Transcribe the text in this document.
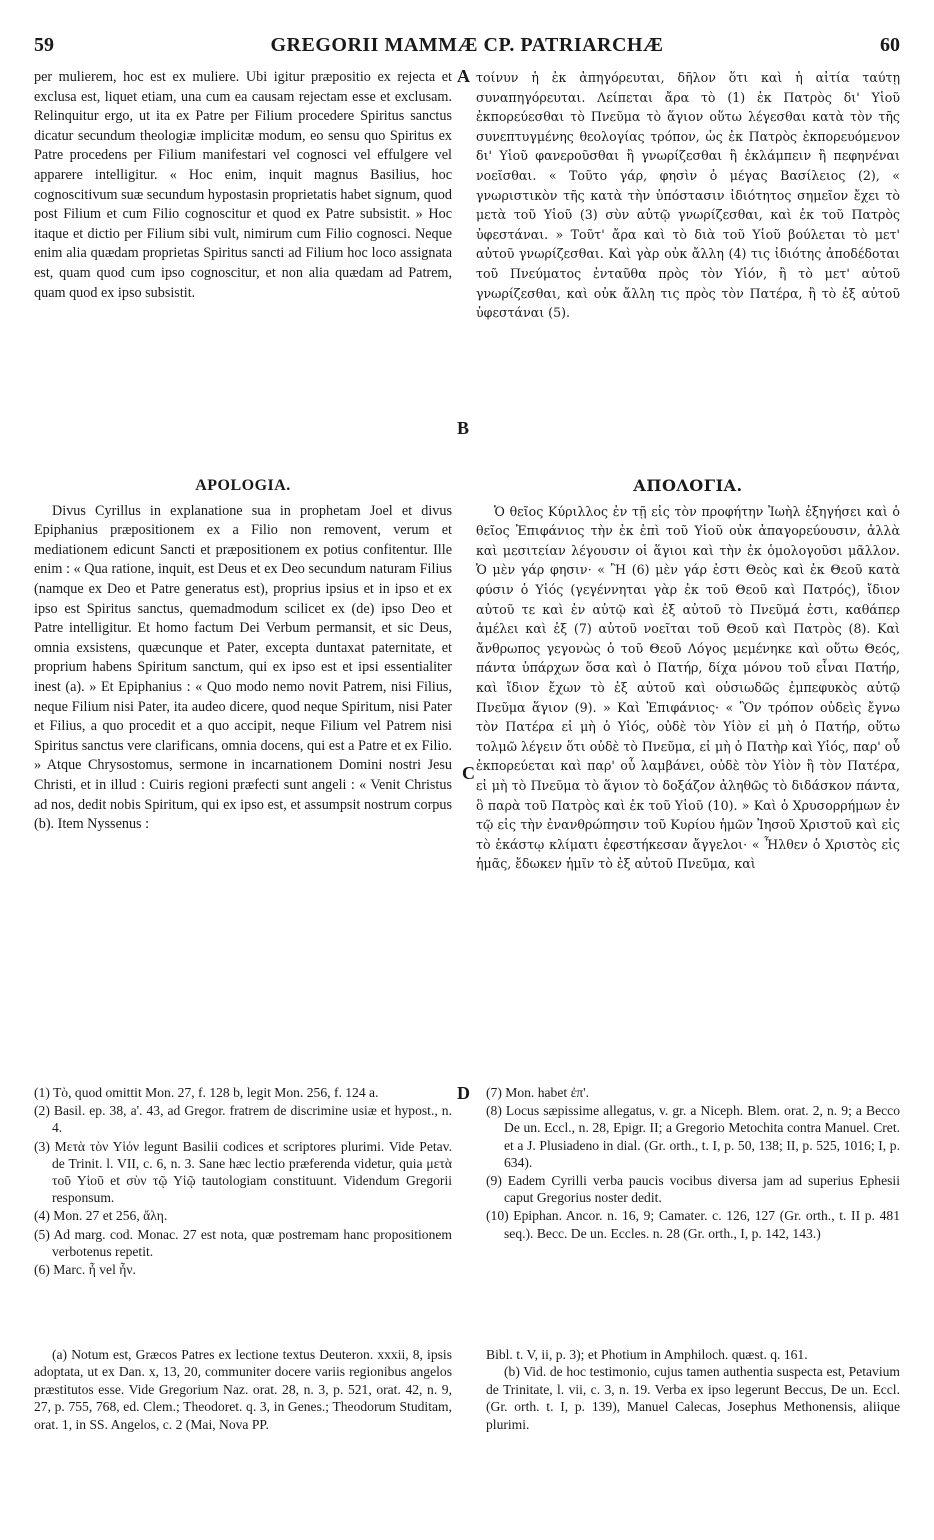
59	GREGORII MAMMÆ CP. PATRIARCHÆ	60

per mulierem, hoc est ex muliere. Ubi igitur præpositio ex rejecta et exclusa est, liquet etiam, una cum ea causam rejectam esse et exclusam. Relinquitur ergo, ut ita ex Patre per Filium procedere Spiritus sanctus dicatur secundum theologiæ implicitæ modum, eo sensu quo Spiritus ex Patre procedens per Filium manifestari vel cognosci vel effulgere vel apparere intelligitur. « Hoc enim, inquit magnus Basilius, hoc cognoscitivum suæ secundum hypostasin proprietatis habet signum, quod post Filium et cum Filio cognoscitur et quod ex Patre subsistit. » Hoc itaque et dictio per Filium sibi vult, nimirum cum Filio cognosci. Neque enim alia quædam proprietas Spiritus sancti ad Filium hoc loco assignata est, quam quod cum ipso cognoscitur, et non alia quædam ad Patrem, quam quod ex ipso subsistit.

τοίνυν ἡ ἐκ ἀπηγόρευται, δῆλον ὅτι καὶ ἡ αἰτία ταύτῃ συναπηγόρευται. Λείπεται ἄρα τὸ (1) ἐκ Πατρὸς δι' Υἱοῦ ἐκπορεύεσθαι τὸ Πνεῦμα τὸ ἅγιον οὕτω λέγεσθαι κατὰ τὸν τῆς συνεπτυγμένης θεολογίας τρόπον, ὡς ἐκ Πατρὸς ἐκπορευόμενον δι' Υἱοῦ φανεροῦσθαι ἢ γνωρίζεσθαι ἢ ἐκλάμπειν ἢ πεφηνέναι νοεῖσθαι. « Τοῦτο γάρ, φησὶν ὁ μέγας Βασίλειος (2), « γνωριστικὸν τῆς κατὰ τὴν ὑπόστασιν ἰδιότητος σημεῖον ἔχει τὸ μετὰ τοῦ Υἱοῦ (3) σὺν αὐτῷ γνωρίζεσθαι, καὶ ἐκ τοῦ Πατρὸς ὑφεστάναι. » Τοῦτ' ἄρα καὶ τὸ διὰ τοῦ Υἱοῦ βούλεται τὸ μετ' αὐτοῦ γνωρίζεσθαι. Καὶ γὰρ οὐκ ἄλλη (4) τις ἰδιότης ἀποδέδοται τοῦ Πνεύματος ἐνταῦθα πρὸς τὸν Υἱόν, ἢ τὸ μετ' αὐτοῦ γνωρίζεσθαι, καὶ οὐκ ἄλλη τις πρὸς τὸν Πατέρα, ἢ τὸ ἐξ αὐτοῦ ὑφεστάναι (5).

A
B
C
D
APOLOGIA.

Divus Cyrillus in explanatione sua in prophetam Joel et divus Epiphanius præpositionem ex a Filio non removent, verum et mediationem edicunt Sancti et præpositionem ex potius confitentur. Ille enim : « Qua ratione, inquit, est Deus et ex Deo secundum naturam Filius (namque ex Deo et Patre generatus est), proprius ipsius et in ipso et ex ipso est Spiritus sanctus, quemadmodum scilicet ex (de) ipso Deo et Patre intelligitur. Et homo factum Dei Verbum permansit, et sic Deus, omnia exsistens, quæcunque et Pater, excepta duntaxat paternitate, et proprium habens Spiritum sanctum, qui ex ipso est et ipsi essentialiter inest (a). » Et Epiphanius : « Quo modo nemo novit Patrem, nisi Filius, neque Filium nisi Pater, ita audeo dicere, quod neque Spiritum, nisi Pater et Filius, a quo procedit et a quo accipit, neque Filium vel Patrem nisi Spiritus sanctus vere clarificans, omnia docens, qui est a Patre et ex Filio. » Atque Chrysostomus, sermone in incarnationem Domini nostri Jesu Christi, et in illud : Cuiris regioni præfecti sunt angeli : « Venit Christus ad nos, dedit nobis Spiritum, qui ex ipso est, et assumpsit nostrum corpus (b). Item Nyssenus :

ΑΠΟΛΟΓΙΑ.

Ὁ θεῖος Κύριλλος ἐν τῇ εἰς τὸν προφήτην Ἰωὴλ ἐξηγήσει καὶ ὁ θεῖος Ἐπιφάνιος τὴν ἐκ ἐπὶ τοῦ Υἱοῦ οὐκ ἀπαγορεύουσιν, ἀλλὰ καὶ μεσιτείαν λέγουσιν οἱ ἅγιοι καὶ τὴν ἐκ ὁμολογοῦσι μᾶλλον. Ὁ μὲν γάρ φησιν· « Ἢ (6) μὲν γάρ ἐστι Θεὸς καὶ ἐκ Θεοῦ κατὰ φύσιν ὁ Υἱός (γεγέννηται γὰρ ἐκ τοῦ Θεοῦ καὶ Πατρός), ἴδιον αὐτοῦ τε καὶ ἐν αὐτῷ καὶ ἐξ αὐτοῦ τὸ Πνεῦμά ἐστι, καθάπερ ἀμέλει καὶ ἐξ (7) αὐτοῦ νοεῖται τοῦ Θεοῦ καὶ Πατρὸς (8). Καὶ ἄνθρωπος γεγονὼς ὁ τοῦ Θεοῦ Λόγος μεμένηκε καὶ οὕτω Θεός, πάντα ὑπάρχων ὅσα καὶ ὁ Πατήρ, δίχα μόνου τοῦ εἶναι Πατήρ, καὶ ἴδιον ἔχων τὸ ἐξ αὐτοῦ καὶ οὐσιωδῶς ἐμπεφυκὸς αὐτῷ Πνεῦμα ἅγιον (9). » Καὶ Ἐπιφάνιος· « Ὃν τρόπον οὐδεὶς ἔγνω τὸν Πατέρα εἰ μὴ ὁ Υἱός, οὐδὲ τὸν Υἱὸν εἰ μὴ ὁ Πατήρ, οὕτω τολμῶ λέγειν ὅτι οὐδὲ τὸ Πνεῦμα, εἰ μὴ ὁ Πατὴρ καὶ Υἱός, παρ' οὗ ἐκπορεύεται καὶ παρ' οὗ λαμβάνει, οὐδὲ τὸν Υἱὸν ἢ τὸν Πατέρα, εἰ μὴ τὸ Πνεῦμα τὸ ἅγιον τὸ δοξάζον ἀληθῶς τὸ διδάσκον πάντα, ὃ παρὰ τοῦ Πατρὸς καὶ ἐκ τοῦ Υἱοῦ (10). » Καὶ ὁ Χρυσορρήμων ἐν τῷ εἰς τὴν ἐνανθρώπησιν τοῦ Κυρίου ἡμῶν Ἰησοῦ Χριστοῦ καὶ εἰς τὸ ἑκάστῳ κλίματι ἐφεστήκεσαν ἄγγελοι· « Ἦλθεν ὁ Χριστὸς εἰς ἡμᾶς, ἔδωκεν ἡμῖν τὸ ἐξ αὐτοῦ Πνεῦμα, καὶ

(1) Τὸ, quod omittit Mon. 27, f. 128 b, legit Mon. 256, f. 124 a.

(2) Basil. ep. 38, a'. 43, ad Gregor. fratrem de discrimine usiæ et hypost., n. 4.

(3) Μετὰ τὸν Υἱόν legunt Basilii codices et scriptores plurimi. Vide Petav. de Trinit. l. VII, c. 6, n. 3. Sane hæc lectio præferenda videtur, quia μετὰ τοῦ Υἱοῦ et σὺν τῷ Υἱῷ tautologiam constituunt. Videndum Gregorii responsum.

(4) Mon. 27 et 256, ἄλη.

(5) Ad marg. cod. Monac. 27 est nota, quæ postremam hanc propositionem verbotenus repetit.

(6) Marc. ἦ vel ἦν.

(7) Mon. habet ἐπ'.

(8) Locus sæpissime allegatus, v. gr. a Niceph. Blem. orat. 2, n. 9; a Becco De un. Eccl., n. 28, Epigr. II; a Gregorio Metochita contra Manuel. Cret. et a J. Plusiadeno in dial. (Gr. orth., t. I, p. 50, 138; II, p. 525, 1016; I, p. 634).

(9) Eadem Cyrilli verba paucis vocibus diversa jam ad superius Ephesii caput Gregorius noster dedit.

(10) Epiphan. Ancor. n. 16, 9; Camater. c. 126, 127 (Gr. orth., t. II p. 481 seq.). Becc. De un. Eccles. n. 28 (Gr. orth., I, p. 142, 143.)

(a) Notum est, Græcos Patres ex lectione textus Deuteron. xxxii, 8, ipsis adoptata, ut ex Dan. x, 13, 20, communiter docere variis regionibus angelos præstitutos esse. Vide Gregorium Naz. orat. 28, n. 3, p. 521, orat. 42, n. 9, 27, p. 755, 768, ed. Clem.; Theodoret. q. 3, in Genes.; Theodorum Studitam, orat. 1, in SS. Angelos, c. 2 (Mai, Nova PP.

Bibl. t. V, ii, p. 3); et Photium in Amphiloch. quæst. q. 161.

(b) Vid. de hoc testimonio, cujus tamen authentia suspecta est, Petavium de Trinitate, l. vii, c. 3, n. 19. Verba ex ipso legerunt Beccus, De un. Eccl. (Gr. orth. t. I, p. 139), Manuel Calecas, Josephus Methonensis, aliique plurimi.
